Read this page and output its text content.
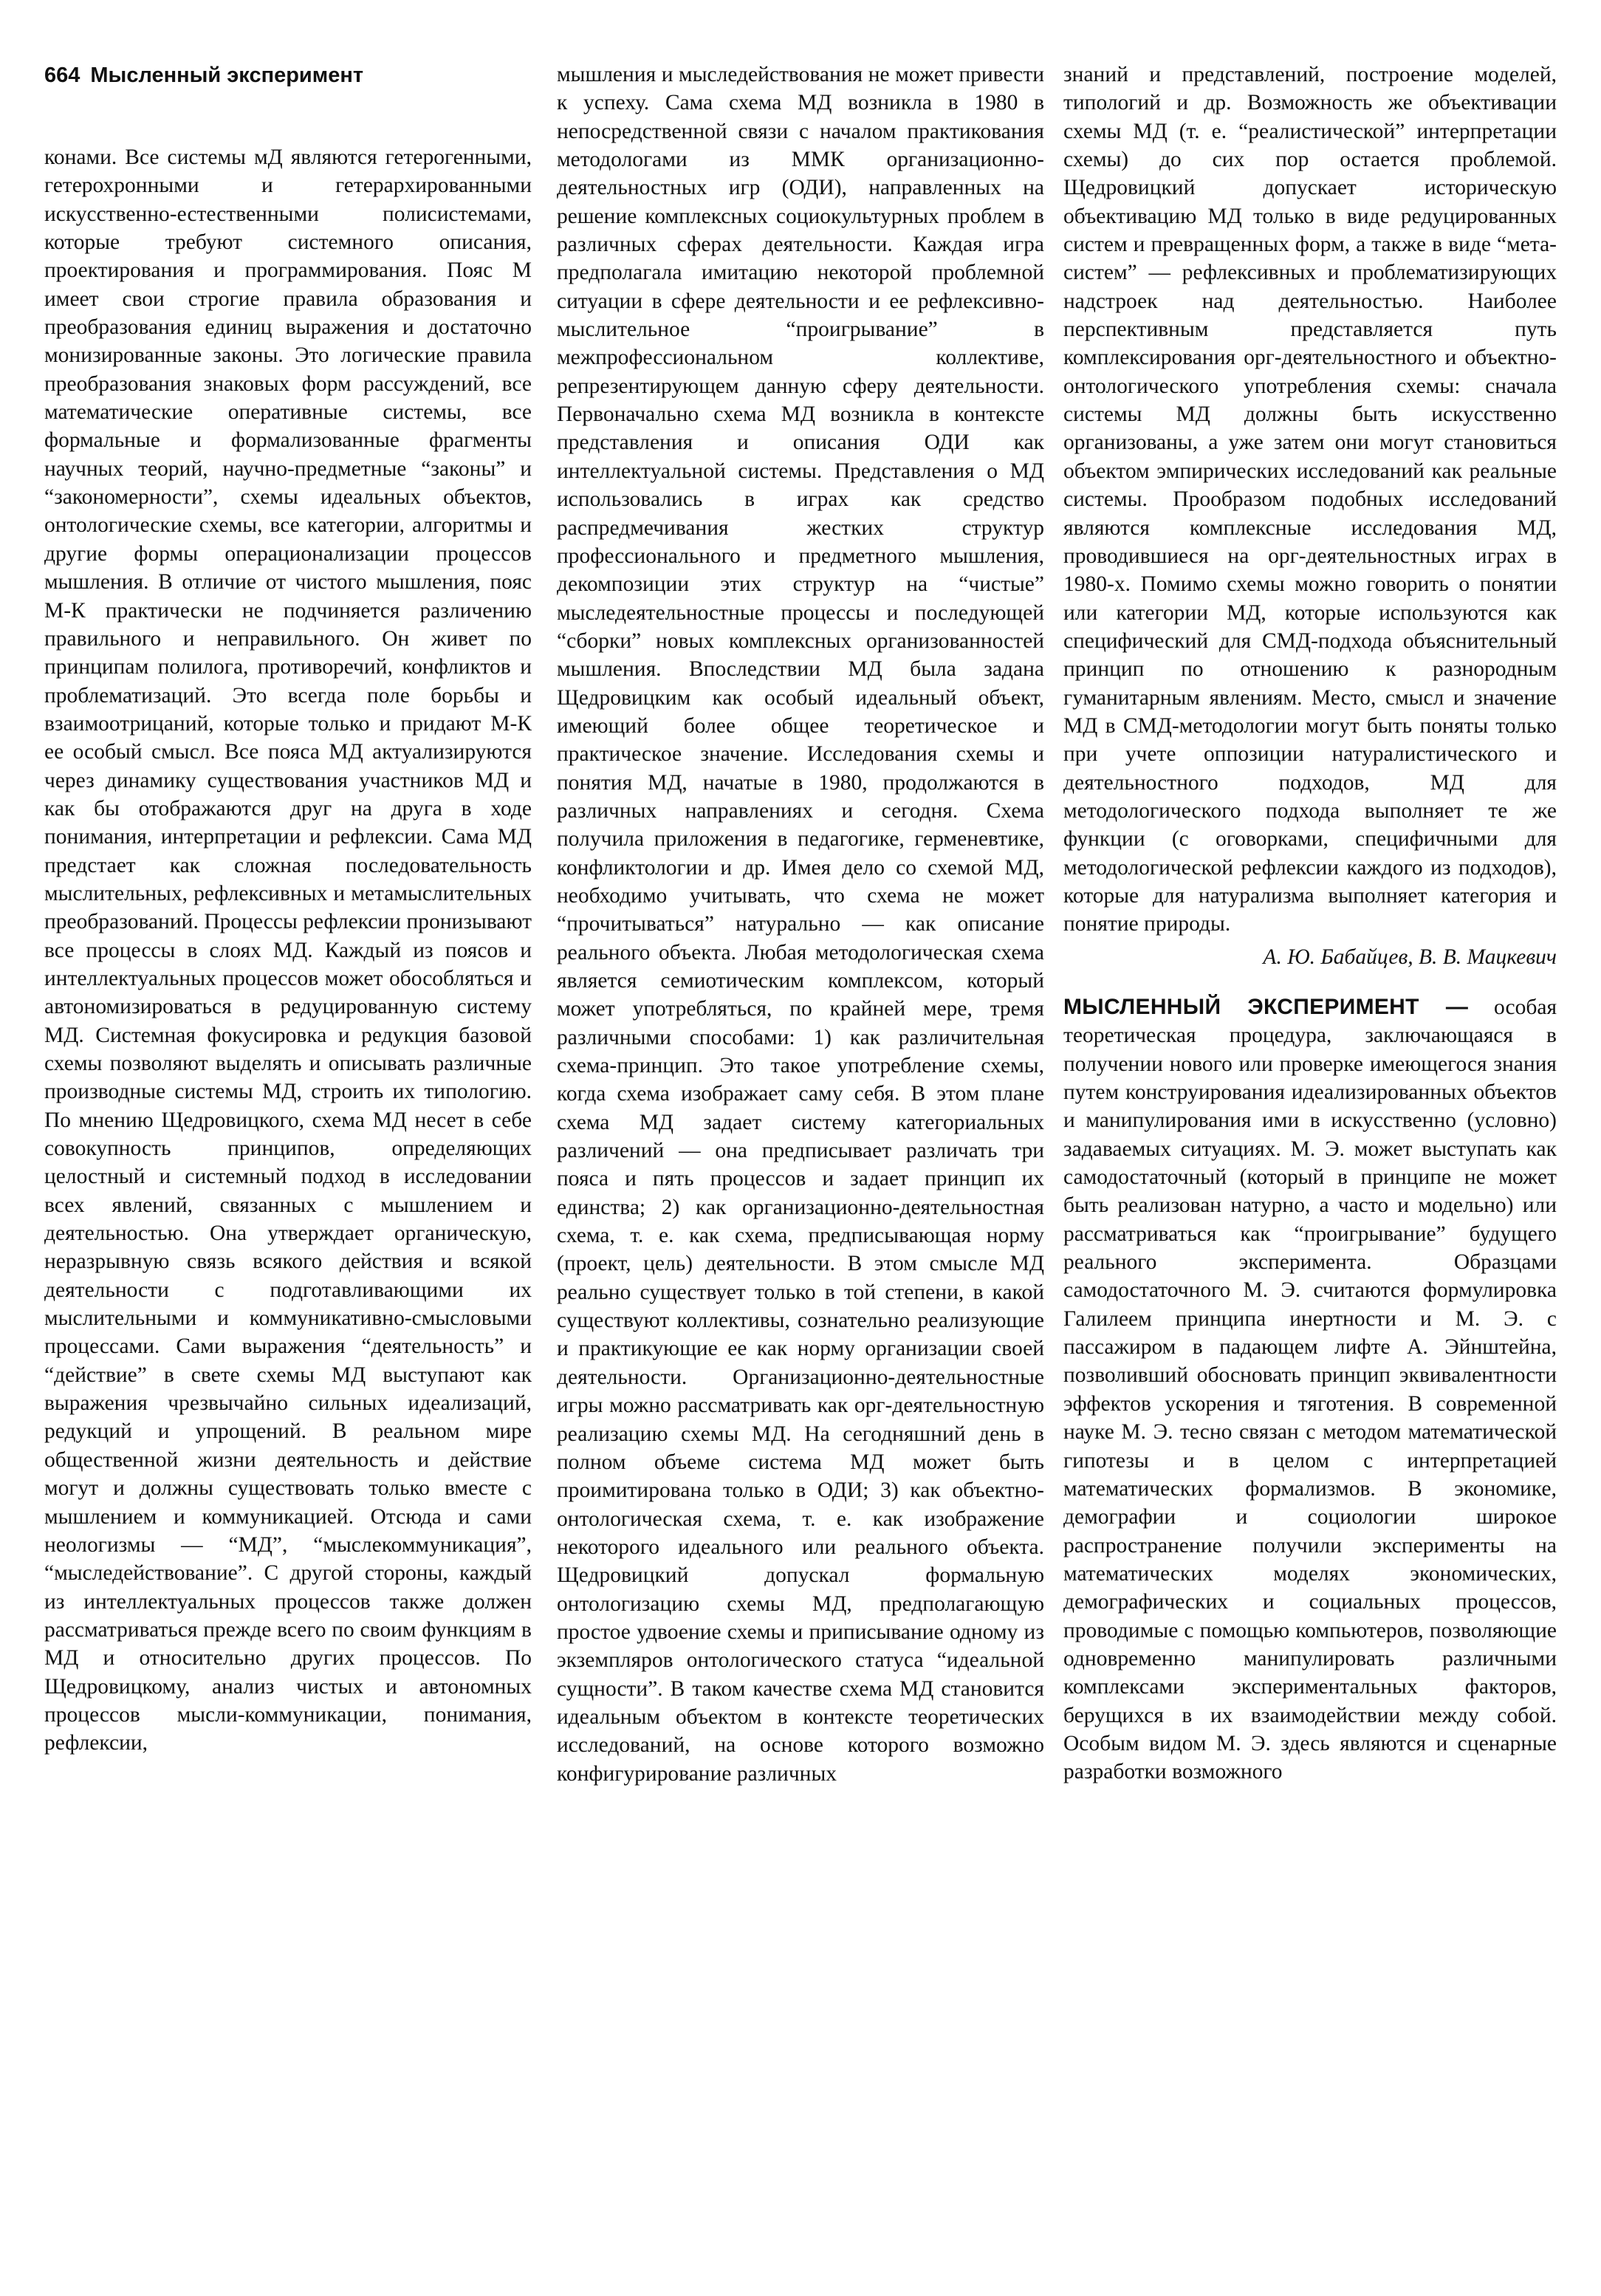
664 Мысленный эксперимент

конами. Все системы мД являются гетерогенными, гетерохронными и гетерархированными искусственно-естественными полисистемами, которые требуют системного описания, проектирования и программирования. Пояс М имеет свои строгие правила образования и преобразования единиц выражения и достаточно монизированные законы. Это логические правила преобразования знаковых форм рассуждений, все математические оперативные системы, все формальные и формализованные фрагменты научных теорий, научно-предметные “законы” и “закономерности”, схемы идеальных объектов, онтологические схемы, все категории, алгоритмы и другие формы операционализации процессов мышления. В отличие от чистого мышления, пояс М-К практически не подчиняется различению правильного и неправильного. Он живет по принципам полилога, противоречий, конфликтов и проблематизаций. Это всегда поле борьбы и взаимоотрицаний, которые только и придают М-К ее особый смысл. Все пояса МД актуализируются через динамику существования участников МД и как бы отображаются друг на друга в ходе понимания, интерпретации и рефлексии. Сама МД предстает как сложная последовательность мыслительных, рефлексивных и метамыслительных преобразований. Процессы рефлексии пронизывают все процессы в слоях МД. Каждый из поясов и интеллектуальных процессов может обособляться и автономизироваться в редуцированную систему МД. Системная фокусировка и редукция базовой схемы позволяют выделять и описывать различные производные системы МД, строить их типологию. По мнению Щедровицкого, схема МД несет в себе совокупность принципов, определяющих целостный и системный подход в исследовании всех явлений, связанных с мышлением и деятельностью. Она утверждает органическую, неразрывную связь всякого действия и всякой деятельности с подготавливающими их мыслительными и коммуникативно-смысловыми процессами. Сами выражения “деятельность” и “действие” в свете схемы МД выступают как выражения чрезвычайно сильных идеализаций, редукций и упрощений. В реальном мире общественной жизни деятельность и действие могут и должны существовать только вместе с мышлением и коммуникацией. Отсюда и сами неологизмы — “МД”, “мыслекоммуникация”, “мыследействование”. С другой стороны, каждый из интеллектуальных процессов также должен рассматриваться прежде всего по своим функциям в МД и относительно других процессов. По Щедровицкому, анализ чистых и автономных процессов мысли-коммуникации, понимания, рефлексии,

мышления и мыследействования не может привести к успеху. Сама схема МД возникла в 1980 в непосредственной связи с началом практикования методологами из ММК организационно-деятельностных игр (ОДИ), направленных на решение комплексных социокультурных проблем в различных сферах деятельности. Каждая игра предполагала имитацию некоторой проблемной ситуации в сфере деятельности и ее рефлексивно-мыслительное “проигрывание” в межпрофессиональном коллективе, репрезентирующем данную сферу деятельности. Первоначально схема МД возникла в контексте представления и описания ОДИ как интеллектуальной системы. Представления о МД использовались в играх как средство распредмечивания жестких структур профессионального и предметного мышления, декомпозиции этих структур на “чистые” мыследеятельностные процессы и последующей “сборки” новых комплексных организованностей мышления. Впоследствии МД была задана Щедровицким как особый идеальный объект, имеющий более общее теоретическое и практическое значение. Исследования схемы и понятия МД, начатые в 1980, продолжаются в различных направлениях и сегодня. Схема получила приложения в педагогике, герменевтике, конфликтологии и др. Имея дело со схемой МД, необходимо учитывать, что схема не может “прочитываться” натурально — как описание реального объекта. Любая методологическая схема является семиотическим комплексом, который может употребляться, по крайней мере, тремя различными способами: 1) как различительная схема-принцип. Это такое употребление схемы, когда схема изображает саму себя. В этом плане схема МД задает систему категориальных различений — она предписывает различать три пояса и пять процессов и задает принцип их единства; 2) как организационно-деятельностная схема, т. е. как схема, предписывающая норму (проект, цель) деятельности. В этом смысле МД реально существует только в той степени, в какой существуют коллективы, сознательно реализующие и практикующие ее как норму организации своей деятельности. Организационно-деятельностные игры можно рассматривать как орг-деятельностную реализацию схемы МД. На сегодняшний день в полном объеме система МД может быть проимитирована только в ОДИ; 3) как объектно-онтологическая схема, т. е. как изображение некоторого идеального или реального объекта. Щедровицкий допускал формальную онтологизацию схемы МД, предполагающую простое удвоение схемы и приписывание одному из экземпляров онтологического статуса “идеальной сущности”. В таком качестве схема МД становится идеальным объектом в контексте теоретических исследований, на основе которого возможно конфигурирование различных

знаний и представлений, построение моделей, типологий и др. Возможность же объективации схемы МД (т. е. “реалистической” интерпретации схемы) до сих пор остается проблемой. Щедровицкий допускает историческую объективацию МД только в виде редуцированных систем и превращенных форм, а также в виде “мета-систем” — рефлексивных и проблематизирующих надстроек над деятельностью. Наиболее перспективным представляется путь комплексирования орг-деятельностного и объектно-онтологического употребления схемы: сначала системы МД должны быть искусственно организованы, а уже затем они могут становиться объектом эмпирических исследований как реальные системы. Прообразом подобных исследований являются комплексные исследования МД, проводившиеся на орг-деятельностных играх в 1980-х. Помимо схемы можно говорить о понятии или категории МД, которые используются как специфический для СМД-подхода объяснительный принцип по отношению к разнородным гуманитарным явлениям. Место, смысл и значение МД в СМД-методологии могут быть поняты только при учете оппозиции натуралистического и деятельностного подходов, МД для методологического подхода выполняет те же функции (с оговорками, специфичными для методологической рефлексии каждого из подходов), которые для натурализма выполняет категория и понятие природы.

А. Ю. Бабайцев, В. В. Мацкевич

МЫСЛЕННЫЙ ЭКСПЕРИМЕНТ — особая теоретическая процедура, заключающаяся в получении нового или проверке имеющегося знания путем конструирования идеализированных объектов и манипулирования ими в искусственно (условно) задаваемых ситуациях. М. Э. может выступать как самодостаточный (который в принципе не может быть реализован натурно, а часто и модельно) или рассматриваться как “проигрывание” будущего реального эксперимента. Образцами самодостаточного М. Э. считаются формулировка Галилеем принципа инертности и М. Э. с пассажиром в падающем лифте А. Эйнштейна, позволивший обосновать принцип эквивалентности эффектов ускорения и тяготения. В современной науке М. Э. тесно связан с методом математической гипотезы и в целом с интерпретацией математических формализмов. В экономике, демографии и социологии широкое распространение получили эксперименты на математических моделях экономических, демографических и социальных процессов, проводимые с помощью компьютеров, позволяющие одновременно манипулировать различными комплексами экспериментальных факторов, берущихся в их взаимодействии между собой. Особым видом М. Э. здесь являются и сценарные разработки возможного
